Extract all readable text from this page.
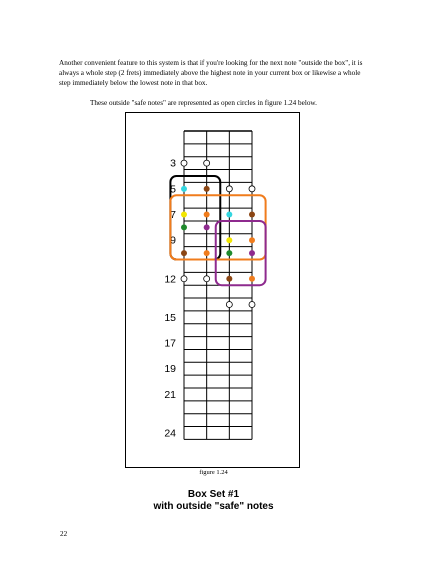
Another convenient feature to this system is that if you're looking for the next note "outside the box", it is always a whole step (2 frets) immediately above the highest note in your current box or likewise a whole step immediately below the lowest note in that box.

These outside "safe notes" are represented as open circles in figure 1.24 below.

3
5
7
9
12
15
17
19
21
24

figure 1.24

Box Set #1

with outside "safe" notes

22
